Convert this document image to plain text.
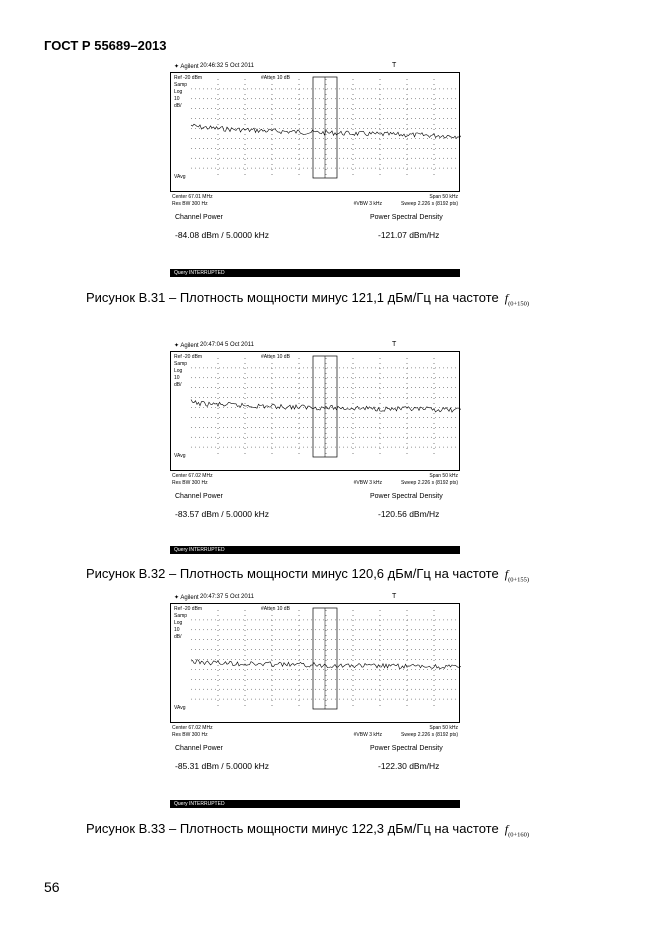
ГОСТ Р 55689–2013
✦ Agilent 20:46:32 5 Oct 2011	T
Ref -20 dBm	#Atten 10 dB
Samp
Log
10
dB/
VAvg
Center 67.01 MHz
Res BW 300 Hz
Span 50 kHz
#VBW 3 kHz	Sweep 2.226 s (8192 pts)
Channel Power	Power Spectral Density
-84.08 dBm / 5.0000 kHz	-121.07 dBm/Hz
Query INTERRUPTED
Рисунок В.31 – Плотность мощности минус 121,1 дБм/Гц на частоте $f_{(0+150)}$
✦ Agilent 20:47:04 5 Oct 2011	T
Ref -20 dBm	#Atten 10 dB
Samp
Log
10
dB/
VAvg
Center 67.02 MHz
Res BW 300 Hz
Span 50 kHz
#VBW 3 kHz	Sweep 2.226 s (8192 pts)
Channel Power	Power Spectral Density
-83.57 dBm / 5.0000 kHz	-120.56 dBm/Hz
Query INTERRUPTED
Рисунок В.32 – Плотность мощности минус 120,6 дБм/Гц на частоте $f_{(0+155)}$
✦ Agilent 20:47:37 5 Oct 2011	T
Ref -20 dBm	#Atten 10 dB
Samp
Log
10
dB/
VAvg
Center 67.02 MHz
Res BW 300 Hz
Span 50 kHz
#VBW 3 kHz	Sweep 2.226 s (8192 pts)
Channel Power	Power Spectral Density
-85.31 dBm / 5.0000 kHz	-122.30 dBm/Hz
Query INTERRUPTED
Рисунок В.33 – Плотность мощности минус 122,3 дБм/Гц на частоте $f_{(0+160)}$
56
